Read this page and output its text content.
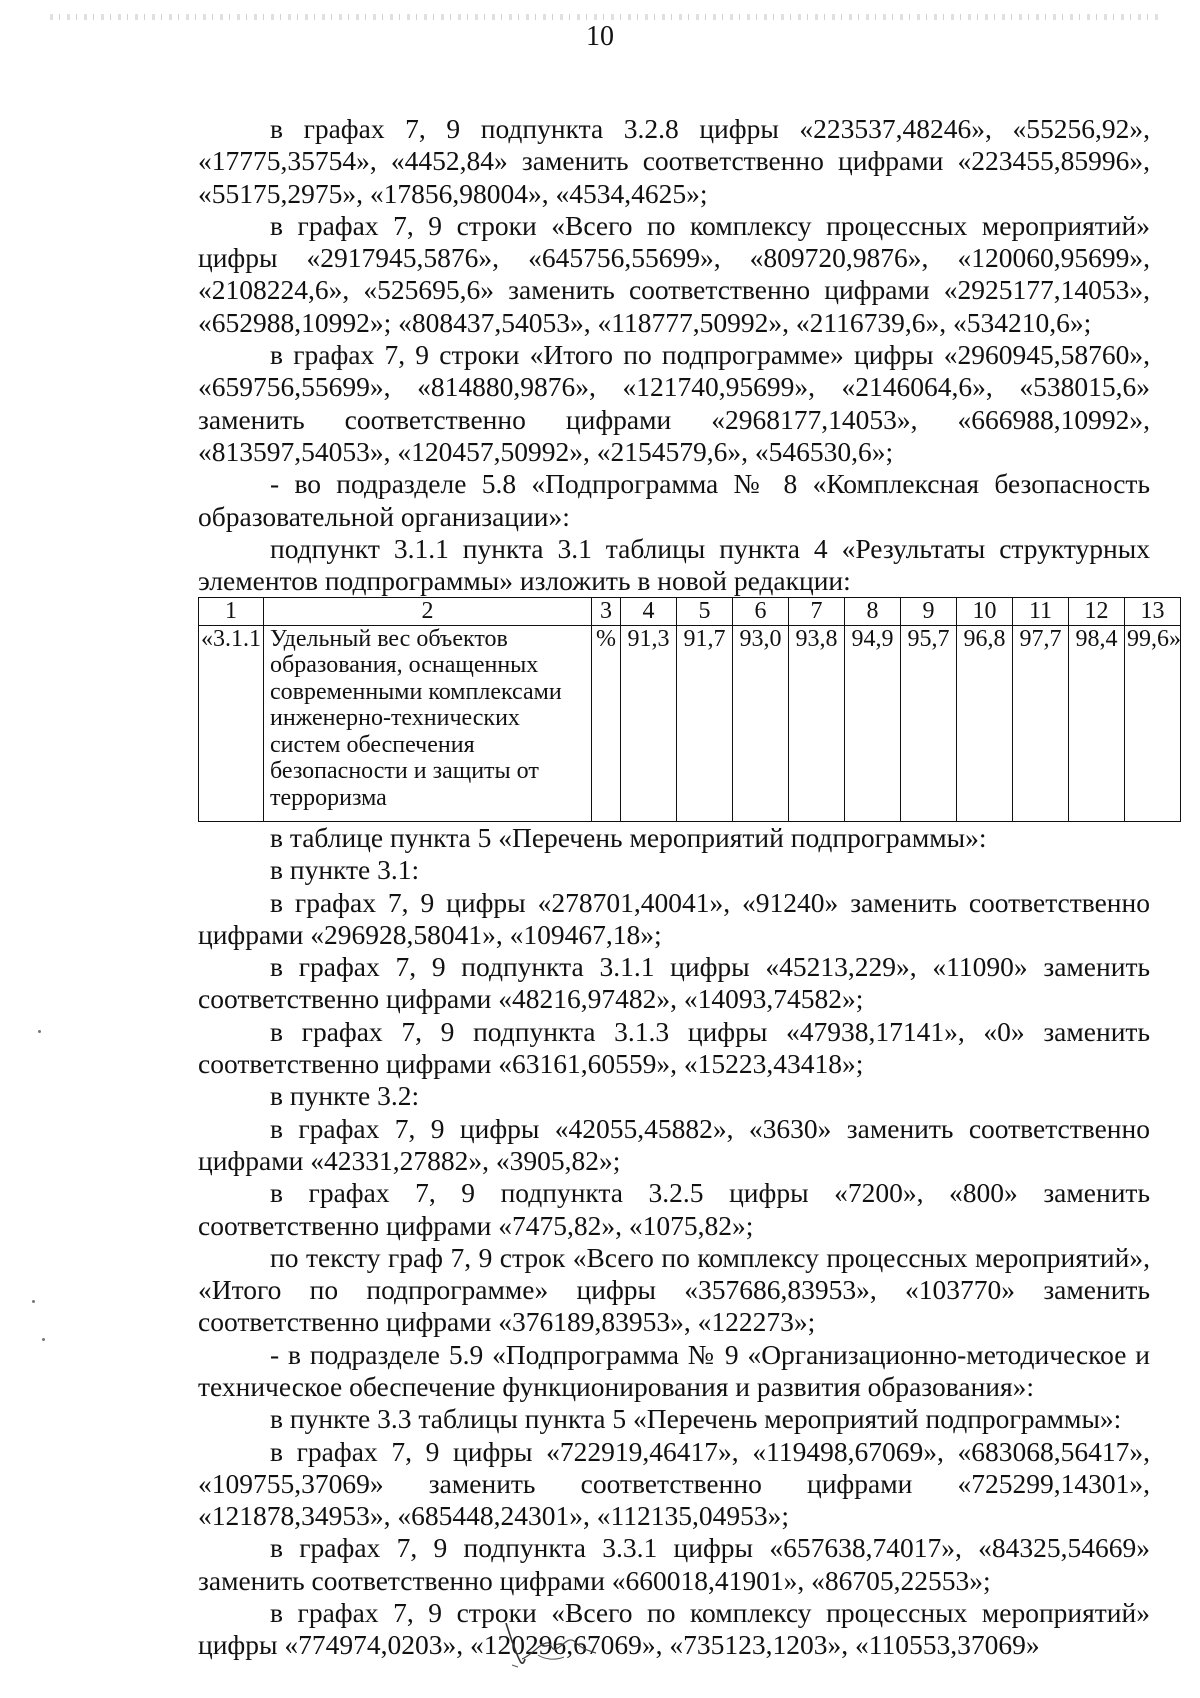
10

в графах 7, 9 подпункта 3.2.8 цифры «223537,48246», «55256,92», «17775,35754», «4452,84» заменить соответственно цифрами «223455,85996», «55175,2975», «17856,98004», «4534,4625»;

в графах 7, 9 строки «Всего по комплексу процессных мероприятий» цифры «2917945,5876», «645756,55699», «809720,9876», «120060,95699», «2108224,6», «525695,6» заменить соответственно цифрами «2925177,14053», «652988,10992»; «808437,54053», «118777,50992», «2116739,6», «534210,6»;

в графах 7, 9 строки «Итого по подпрограмме» цифры «2960945,58760», «659756,55699», «814880,9876», «121740,95699», «2146064,6», «538015,6» заменить соответственно цифрами «2968177,14053», «666988,10992», «813597,54053», «120457,50992», «2154579,6», «546530,6»;

- во подразделе 5.8 «Подпрограмма № 8 «Комплексная безопасность образовательной организации»:

подпункт 3.1.1 пункта 3.1 таблицы пункта 4 «Результаты структурных элементов подпрограммы» изложить в новой редакции:

1	2	3	4	5	6	7	8	9	10	11	12	13
«3.1.1	Удельный вес объектов образования, оснащенных современными комплексами инженерно-технических систем обеспечения безопасности и защиты от терроризма	%	91,3	91,7	93,0	93,8	94,9	95,7	96,8	97,7	98,4	99,6»

в таблице пункта 5 «Перечень мероприятий подпрограммы»:

в пункте 3.1:

в графах 7, 9 цифры «278701,40041», «91240» заменить соответственно цифрами «296928,58041», «109467,18»;

в графах 7, 9 подпункта 3.1.1 цифры «45213,229», «11090» заменить соответственно цифрами «48216,97482», «14093,74582»;

в графах 7, 9 подпункта 3.1.3 цифры «47938,17141», «0» заменить соответственно цифрами «63161,60559», «15223,43418»;

в пункте 3.2:

в графах 7, 9 цифры «42055,45882», «3630» заменить соответственно цифрами «42331,27882», «3905,82»;

в графах 7, 9 подпункта 3.2.5 цифры «7200», «800» заменить соответственно цифрами «7475,82», «1075,82»;

по тексту граф 7, 9 строк «Всего по комплексу процессных мероприятий», «Итого по подпрограмме» цифры «357686,83953», «103770» заменить соответственно цифрами «376189,83953», «122273»;

- в подразделе 5.9 «Подпрограмма № 9 «Организационно-методическое и техническое обеспечение функционирования и развития образования»:

в пункте 3.3 таблицы пункта 5 «Перечень мероприятий подпрограммы»:

в графах 7, 9 цифры «722919,46417», «119498,67069», «683068,56417», «109755,37069» заменить соответственно цифрами «725299,14301», «121878,34953», «685448,24301», «112135,04953»;

в графах 7, 9 подпункта 3.3.1 цифры «657638,74017», «84325,54669» заменить соответственно цифрами «660018,41901», «86705,22553»;

в графах 7, 9 строки «Всего по комплексу процессных мероприятий» цифры «774974,0203», «120296,67069», «735123,1203», «110553,37069»
